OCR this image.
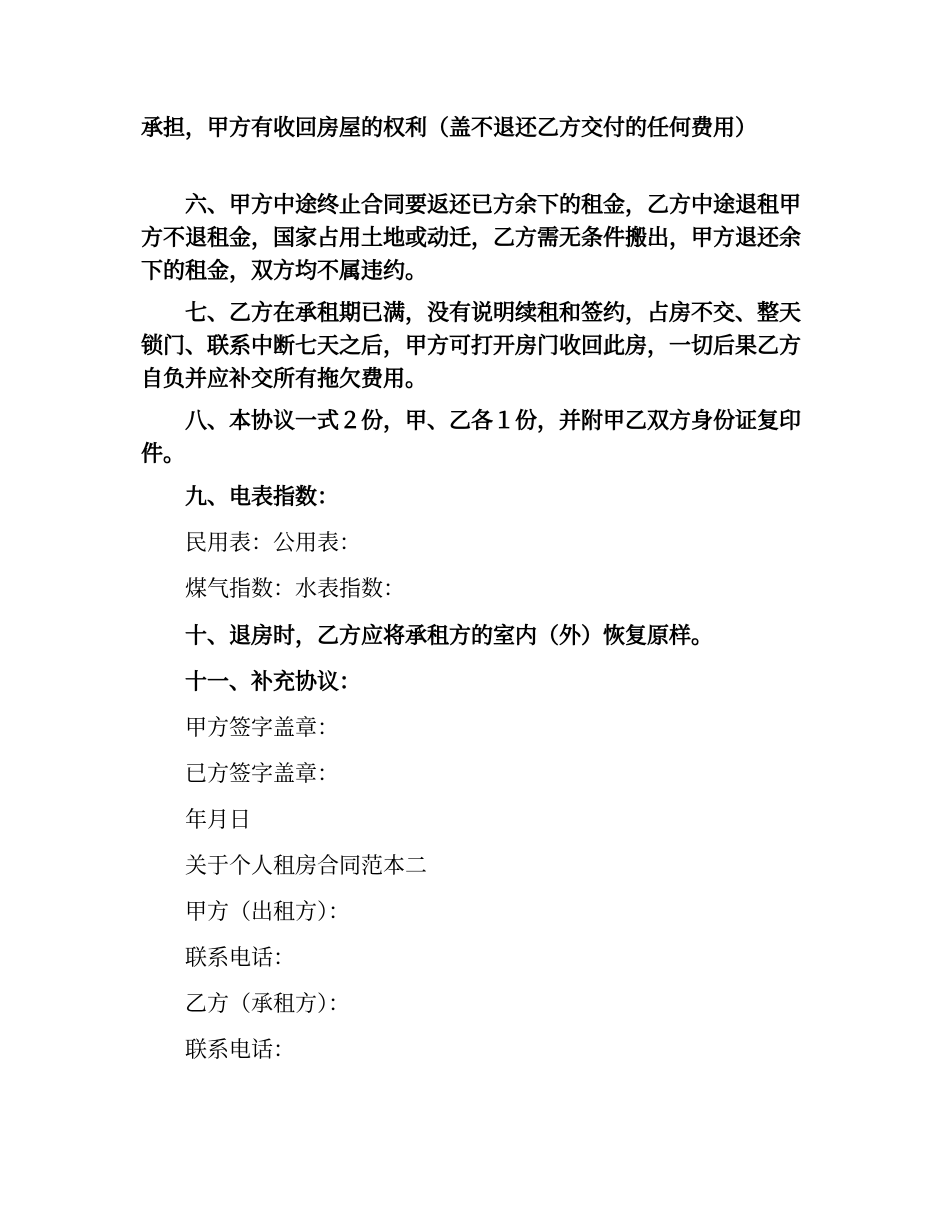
承担，甲方有收回房屋的权利（盖不退还乙方交付的任何费用）

六、甲方中途终止合同要返还已方余下的租金，乙方中途退租甲方不退租金，国家占用土地或动迁，乙方需无条件搬出，甲方退还余下的租金，双方均不属违约。

七、乙方在承租期已满，没有说明续租和签约，占房不交、整天锁门、联系中断七天之后，甲方可打开房门收回此房，一切后果乙方自负并应补交所有拖欠费用。

八、本协议一式２份，甲、乙各１份，并附甲乙双方身份证复印件。

九、电表指数：

民用表：公用表：

煤气指数：水表指数：

十、退房时，乙方应将承租方的室内（外）恢复原样。

十一、补充协议：

甲方签字盖章：

已方签字盖章：

年月日

关于个人租房合同范本二

甲方（出租方）：

联系电话：

乙方（承租方）：

联系电话：
